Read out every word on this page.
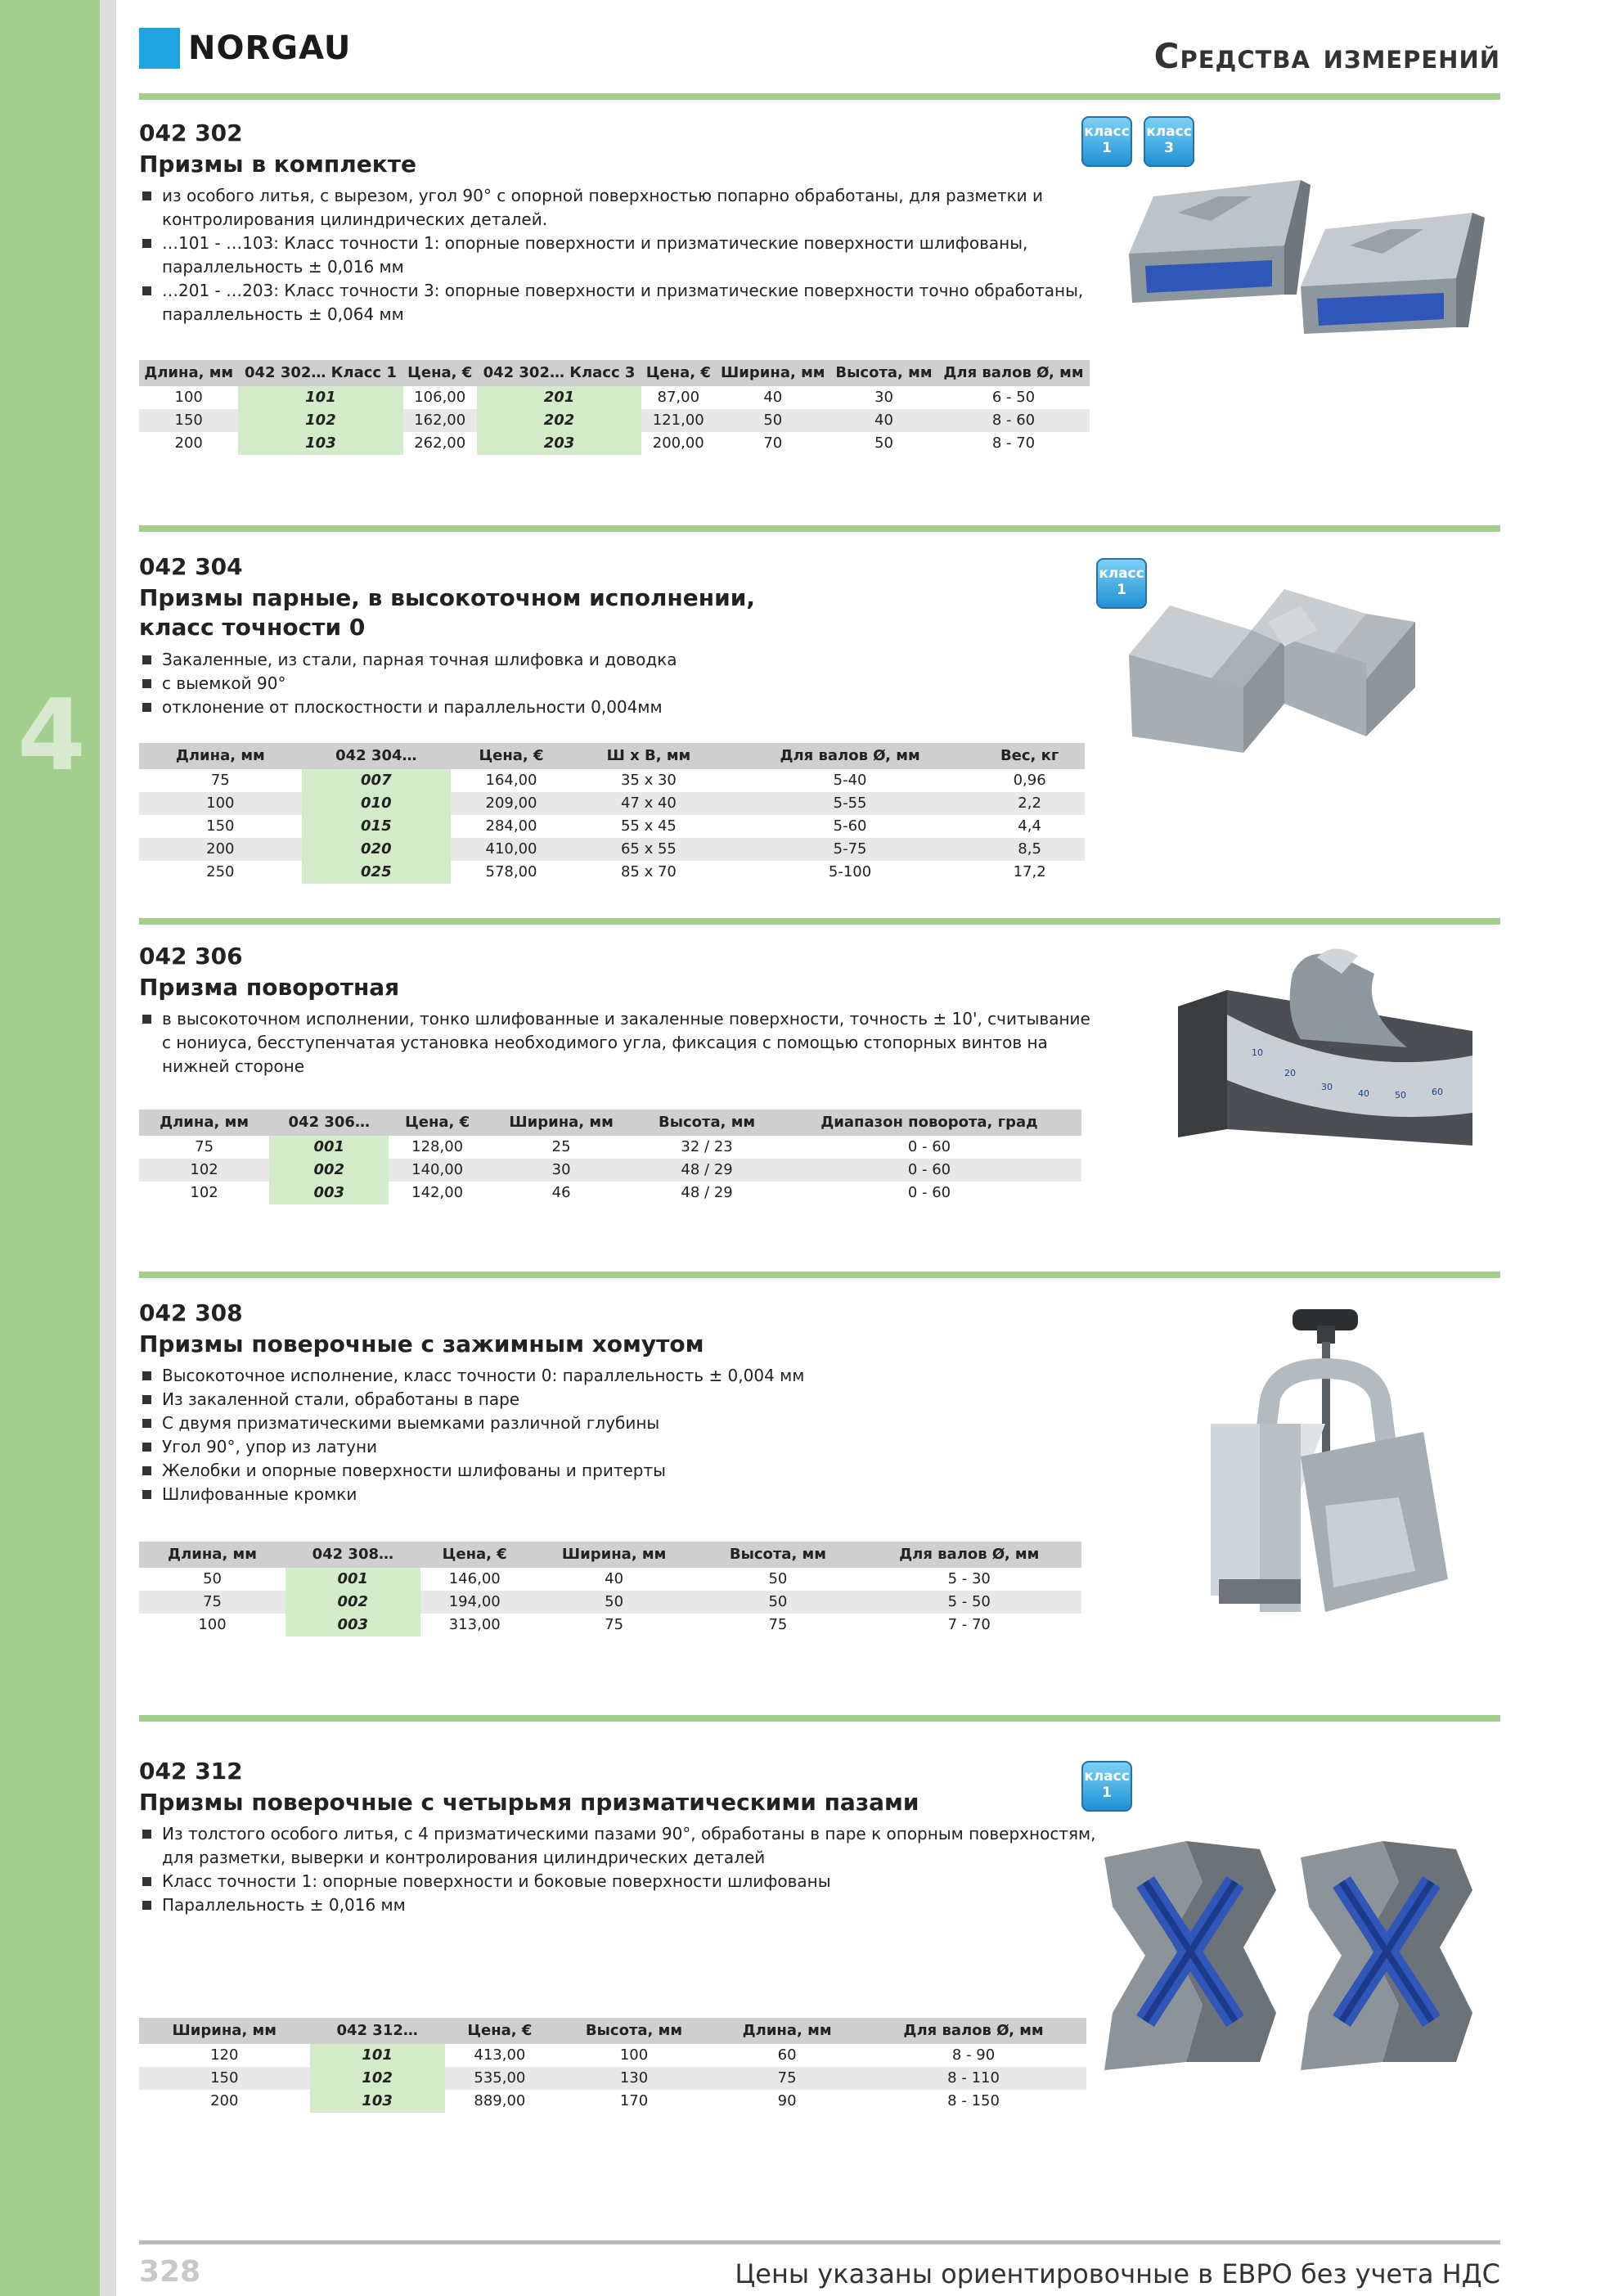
4
NORGAU	Средства измерений
042 302
Призмы в комплекте
из особого литья, с вырезом, угол 90° с опорной поверхностью попарно обработаны, для разметки и контролирования цилиндрических деталей.
…101 - …103: Класс точности 1: опорные поверхности и призматические поверхности шлифованы, параллельность ± 0,016 мм
…201 - …203: Класс точности 3: опорные поверхности и призматические поверхности точно обработаны, параллельность ± 0,064 мм
класс 1
класс 3
Длина, мм	042 302… Класс 1	Цена, €	042 302… Класс 3	Цена, €	Ширина, мм	Высота, мм	Для валов Ø, мм
100	101	106,00	201	87,00	40	30	6 - 50
150	102	162,00	202	121,00	50	40	8 - 60
200	103	262,00	203	200,00	70	50	8 - 70
042 304
Призмы парные, в высокоточном исполнении, класс точности 0
Закаленные, из стали, парная точная шлифовка и доводка
с выемкой 90°
отклонение от плоскостности и параллельности 0,004мм
класс 1
Длина, мм	042 304…	Цена, €	Ш х В, мм	Для валов Ø, мм	Вес, кг
75	007	164,00	35 x 30	5-40	0,96
100	010	209,00	47 x 40	5-55	2,2
150	015	284,00	55 x 45	5-60	4,4
200	020	410,00	65 x 55	5-75	8,5
250	025	578,00	85 x 70	5-100	17,2
042 306
Призма поворотная
в высокоточном исполнении, тонко шлифованные и закаленные поверхности, точность ± 10', считывание с нониуса, бесступенчатая установка необходимого угла, фиксация с помощью стопорных винтов на нижней стороне
10
20
30
40	50	60
Длина, мм	042 306…	Цена, €	Ширина, мм	Высота, мм	Диапазон поворота, град
75	001	128,00	25	32 / 23	0 - 60
102	002	140,00	30	48 / 29	0 - 60
102	003	142,00	46	48 / 29	0 - 60
042 308
Призмы поверочные с зажимным хомутом
Высокоточное исполнение, класс точности 0: параллельность ± 0,004 мм
Из закаленной стали, обработаны в паре
С двумя призматическими выемками различной глубины
Угол 90°, упор из латуни
Желобки и опорные поверхности шлифованы и притерты
Шлифованные кромки
Длина, мм	042 308…	Цена, €	Ширина, мм	Высота, мм	Для валов Ø, мм
50	001	146,00	40	50	5 - 30
75	002	194,00	50	50	5 - 50
100	003	313,00	75	75	7 - 70
042 312
Призмы поверочные с четырьмя призматическими пазами
Из толстого особого литья, с 4 призматическими пазами 90°, обработаны в паре к опорным поверхностям, для разметки, выверки и контролирования цилиндрических деталей
Класс точности 1: опорные поверхности и боковые поверхности шлифованы
Параллельность ± 0,016 мм
класс 1
Ширина, мм	042 312…	Цена, €	Высота, мм	Длина, мм	Для валов Ø, мм
120	101	413,00	100	60	8 - 90
150	102	535,00	130	75	8 - 110
200	103	889,00	170	90	8 - 150
328	Цены указаны ориентировочные в ЕВРО без учета НДС
